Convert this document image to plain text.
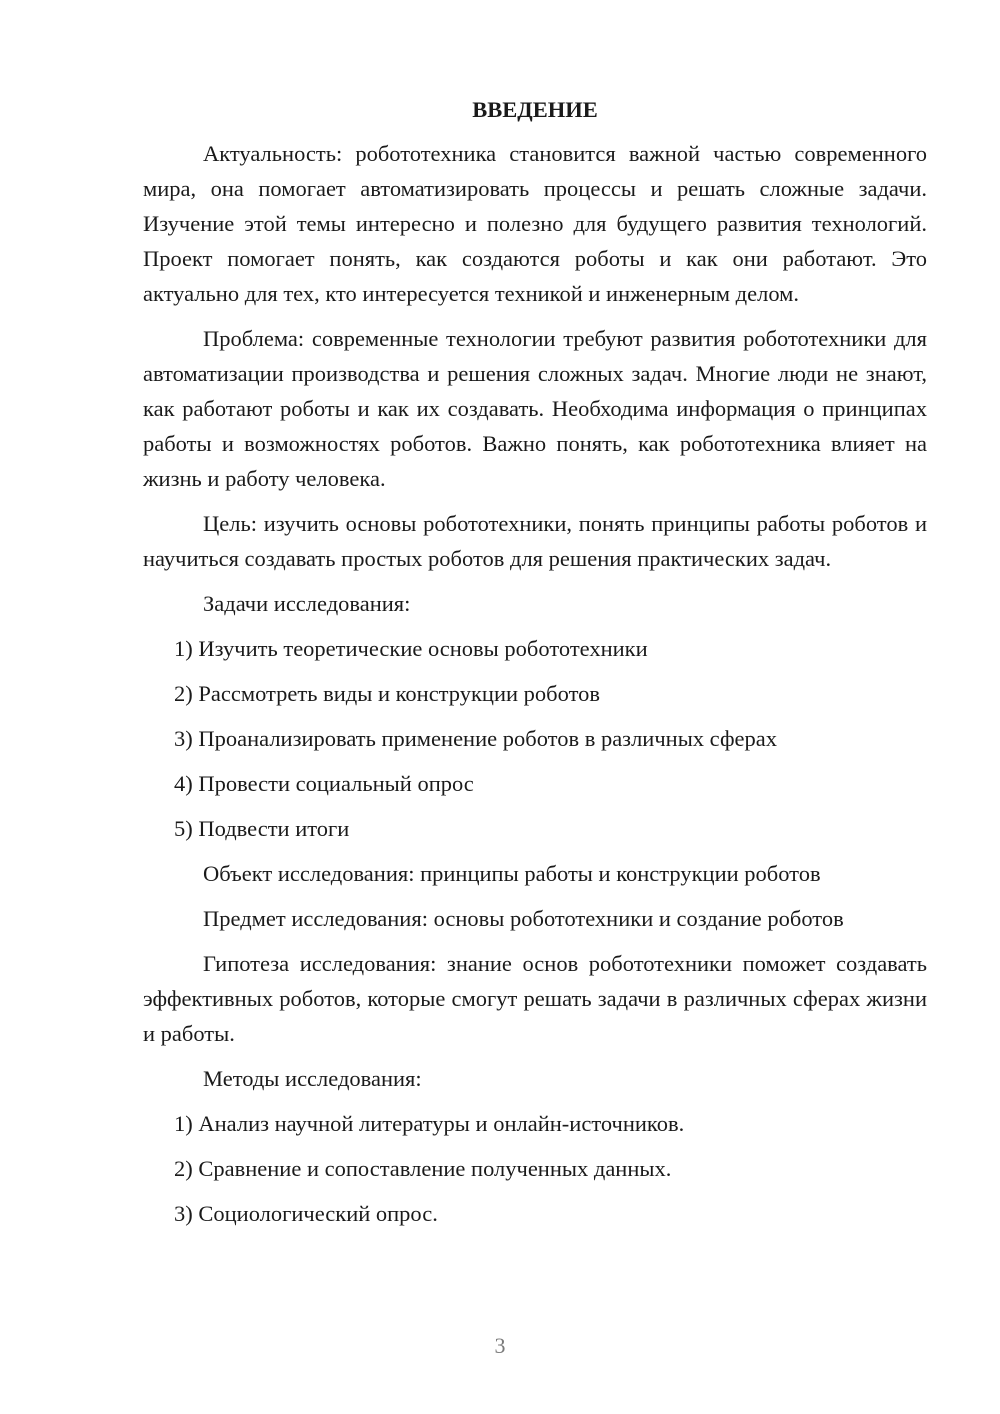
ВВЕДЕНИЕ

Актуальность: робототехника становится важной частью современного мира, она помогает автоматизировать процессы и решать сложные задачи. Изучение этой темы интересно и полезно для будущего развития технологий. Проект помогает понять, как создаются роботы и как они работают. Это актуально для тех, кто интересуется техникой и инженерным делом.

Проблема: современные технологии требуют развития робототехники для автоматизации производства и решения сложных задач. Многие люди не знают, как работают роботы и как их создавать. Необходима информация о принципах работы и возможностях роботов. Важно понять, как робототехника влияет на жизнь и работу человека.

Цель: изучить основы робототехники, понять принципы работы роботов и научиться создавать простых роботов для решения практических задач.

Задачи исследования:
1) Изучить теоретические основы робототехники
2) Рассмотреть виды и конструкции роботов
3) Проанализировать применение роботов в различных сферах
4) Провести социальный опрос
5) Подвести итоги
Объект исследования: принципы работы и конструкции роботов
Предмет исследования: основы робототехники и создание роботов

Гипотеза исследования: знание основ робототехники поможет создавать эффективных роботов, которые смогут решать задачи в различных сферах жизни и работы.

Методы исследования:
1) Анализ научной литературы и онлайн-источников.
2) Сравнение и сопоставление полученных данных.
3) Социологический опрос.
3
